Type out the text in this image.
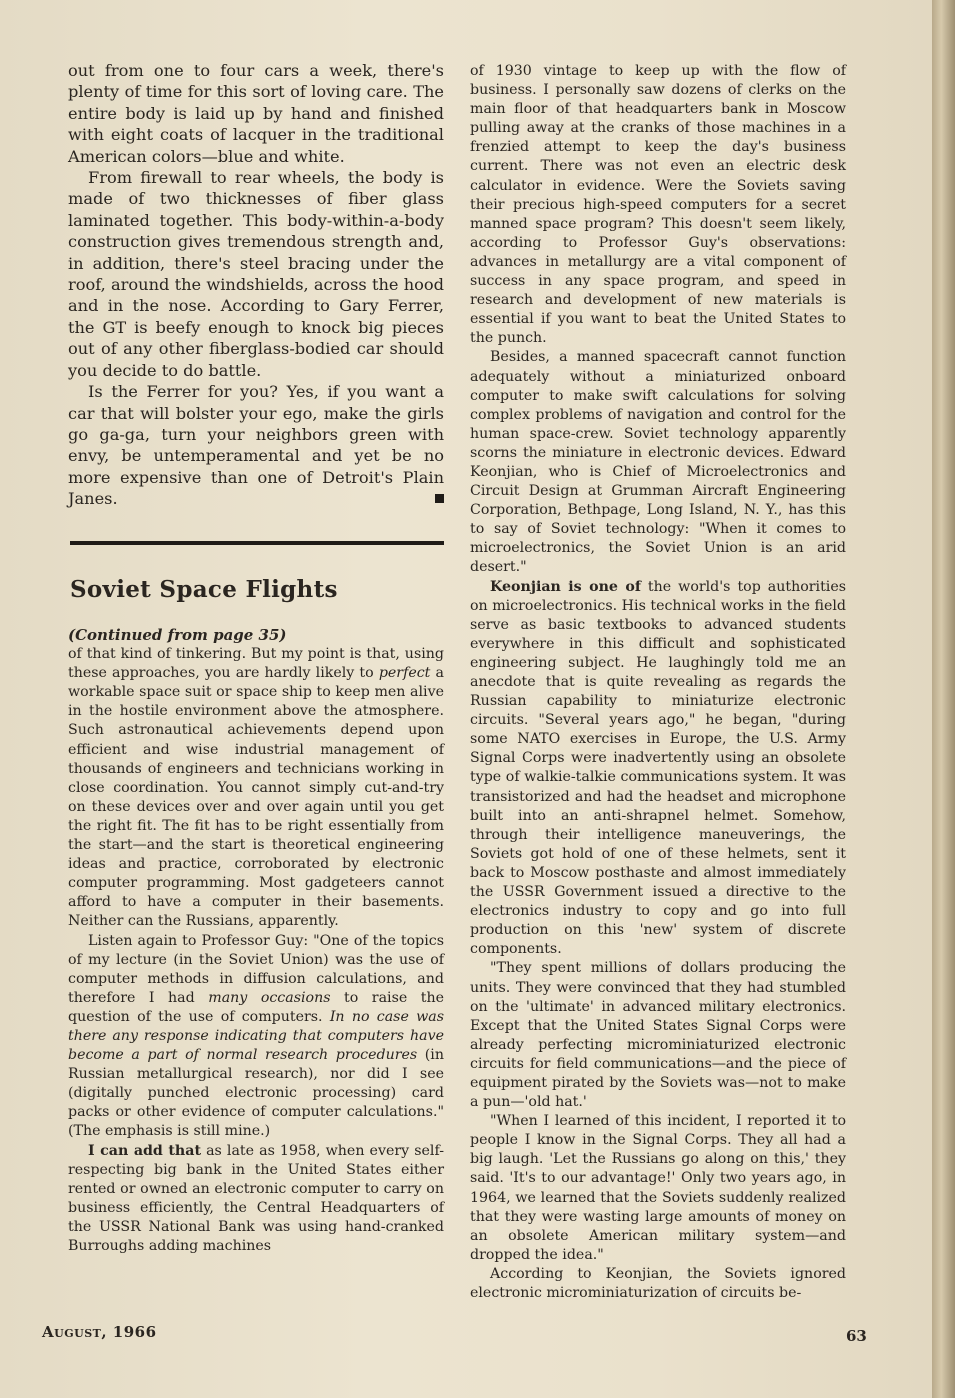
out from one to four cars a week, there's plenty of time for this sort of loving care. The entire body is laid up by hand and finished with eight coats of lacquer in the traditional American colors—blue and white.

From firewall to rear wheels, the body is made of two thicknesses of fiber glass laminated together. This body-within-a-body construction gives tremendous strength and, in addition, there's steel bracing under the roof, around the windshields, across the hood and in the nose. According to Gary Ferrer, the GT is beefy enough to knock big pieces out of any other fiberglass-bodied car should you decide to do battle.

Is the Ferrer for you? Yes, if you want a car that will bolster your ego, make the girls go ga-ga, turn your neighbors green with envy, be untemperamental and yet be no more expensive than one of Detroit's Plain Janes.

Soviet Space Flights
(Continued from page 35)

of that kind of tinkering. But my point is that, using these approaches, you are hardly likely to perfect a workable space suit or space ship to keep men alive in the hostile environment above the atmosphere. Such astronautical achievements depend upon efficient and wise industrial management of thousands of engineers and technicians working in close coordination. You cannot simply cut-and-try on these devices over and over again until you get the right fit. The fit has to be right essentially from the start—and the start is theoretical engineering ideas and practice, corroborated by electronic computer programming. Most gadgeteers cannot afford to have a computer in their basements. Neither can the Russians, apparently.

Listen again to Professor Guy: "One of the topics of my lecture (in the Soviet Union) was the use of computer methods in diffusion calculations, and therefore I had many occasions to raise the question of the use of computers. In no case was there any response indicating that computers have become a part of normal research procedures (in Russian metallurgical research), nor did I see (digitally punched electronic processing) card packs or other evidence of computer calculations." (The emphasis is still mine.)

I can add that as late as 1958, when every self-respecting big bank in the United States either rented or owned an electronic computer to carry on business efficiently, the Central Headquarters of the USSR National Bank was using hand-cranked Burroughs adding machines

of 1930 vintage to keep up with the flow of business. I personally saw dozens of clerks on the main floor of that headquarters bank in Moscow pulling away at the cranks of those machines in a frenzied attempt to keep the day's business current. There was not even an electric desk calculator in evidence. Were the Soviets saving their precious high-speed computers for a secret manned space program? This doesn't seem likely, according to Professor Guy's observations: advances in metallurgy are a vital component of success in any space program, and speed in research and development of new materials is essential if you want to beat the United States to the punch.

Besides, a manned spacecraft cannot function adequately without a miniaturized onboard computer to make swift calculations for solving complex problems of navigation and control for the human space-crew. Soviet technology apparently scorns the miniature in electronic devices. Edward Keonjian, who is Chief of Microelectronics and Circuit Design at Grumman Aircraft Engineering Corporation, Bethpage, Long Island, N. Y., has this to say of Soviet technology: "When it comes to microelectronics, the Soviet Union is an arid desert."

Keonjian is one of the world's top authorities on microelectronics. His technical works in the field serve as basic textbooks to advanced students everywhere in this difficult and sophisticated engineering subject. He laughingly told me an anecdote that is quite revealing as regards the Russian capability to miniaturize electronic circuits. "Several years ago," he began, "during some NATO exercises in Europe, the U.S. Army Signal Corps were inadvertently using an obsolete type of walkie-talkie communications system. It was transistorized and had the headset and microphone built into an anti-shrapnel helmet. Somehow, through their intelligence maneuverings, the Soviets got hold of one of these helmets, sent it back to Moscow posthaste and almost immediately the USSR Government issued a directive to the electronics industry to copy and go into full production on this 'new' system of discrete components.

"They spent millions of dollars producing the units. They were convinced that they had stumbled on the 'ultimate' in advanced military electronics. Except that the United States Signal Corps were already perfecting microminiaturized electronic circuits for field communications—and the piece of equipment pirated by the Soviets was—not to make a pun—'old hat.'

"When I learned of this incident, I reported it to people I know in the Signal Corps. They all had a big laugh. 'Let the Russians go along on this,' they said. 'It's to our advantage!' Only two years ago, in 1964, we learned that the Soviets suddenly realized that they were wasting large amounts of money on an obsolete American military system—and dropped the idea."

According to Keonjian, the Soviets ignored electronic microminiaturization of circuits be-

August, 1966	63
